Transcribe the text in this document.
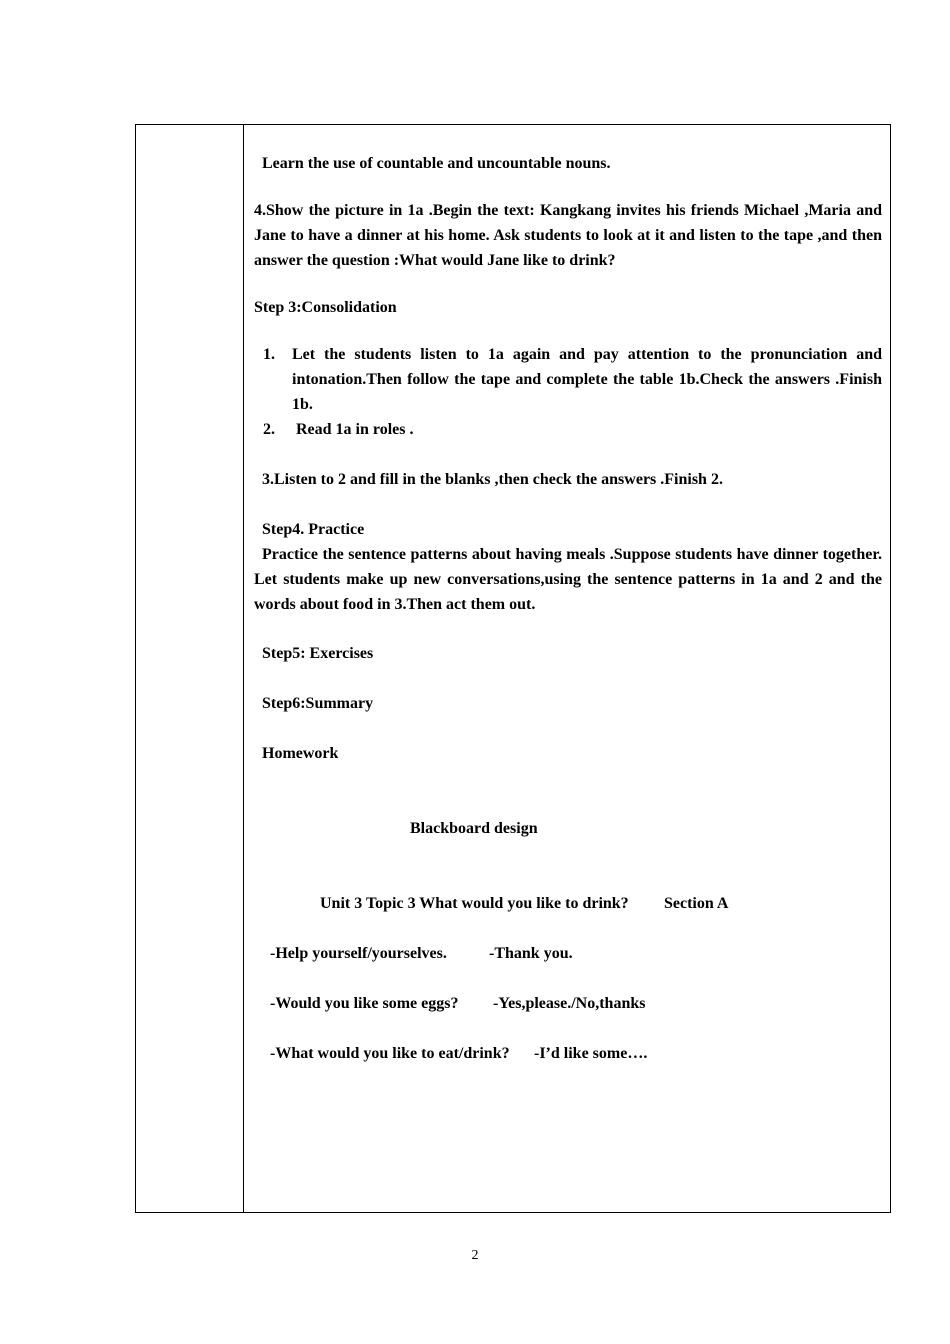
Learn the use of countable and uncountable nouns.
4.Show the picture in 1a .Begin the text: Kangkang invites his friends Michael ,Maria and Jane to have a dinner at his home. Ask students to look at it and listen to the tape ,and then answer the question :What would Jane like to drink?
Step 3:Consolidation
1. Let the students listen to 1a again and pay attention to the pronunciation and intonation.Then follow the tape and complete the table 1b.Check the answers .Finish 1b.
2. Read 1a in roles .
3.Listen to 2 and fill in the blanks ,then check the answers .Finish 2.
Step4. Practice
Practice the sentence patterns about having meals .Suppose students have dinner together. Let students make up new conversations,using the sentence patterns in 1a and 2 and the words about food in 3.Then act them out.
Step5: Exercises
Step6:Summary
Homework
Blackboard design
Unit 3 Topic 3 What would you like to drink? Section A
-Help yourself/yourselves.	-Thank you.
-Would you like some eggs? -Yes,please./No,thanks
-What would you like to eat/drink? -I’d like some….
2
